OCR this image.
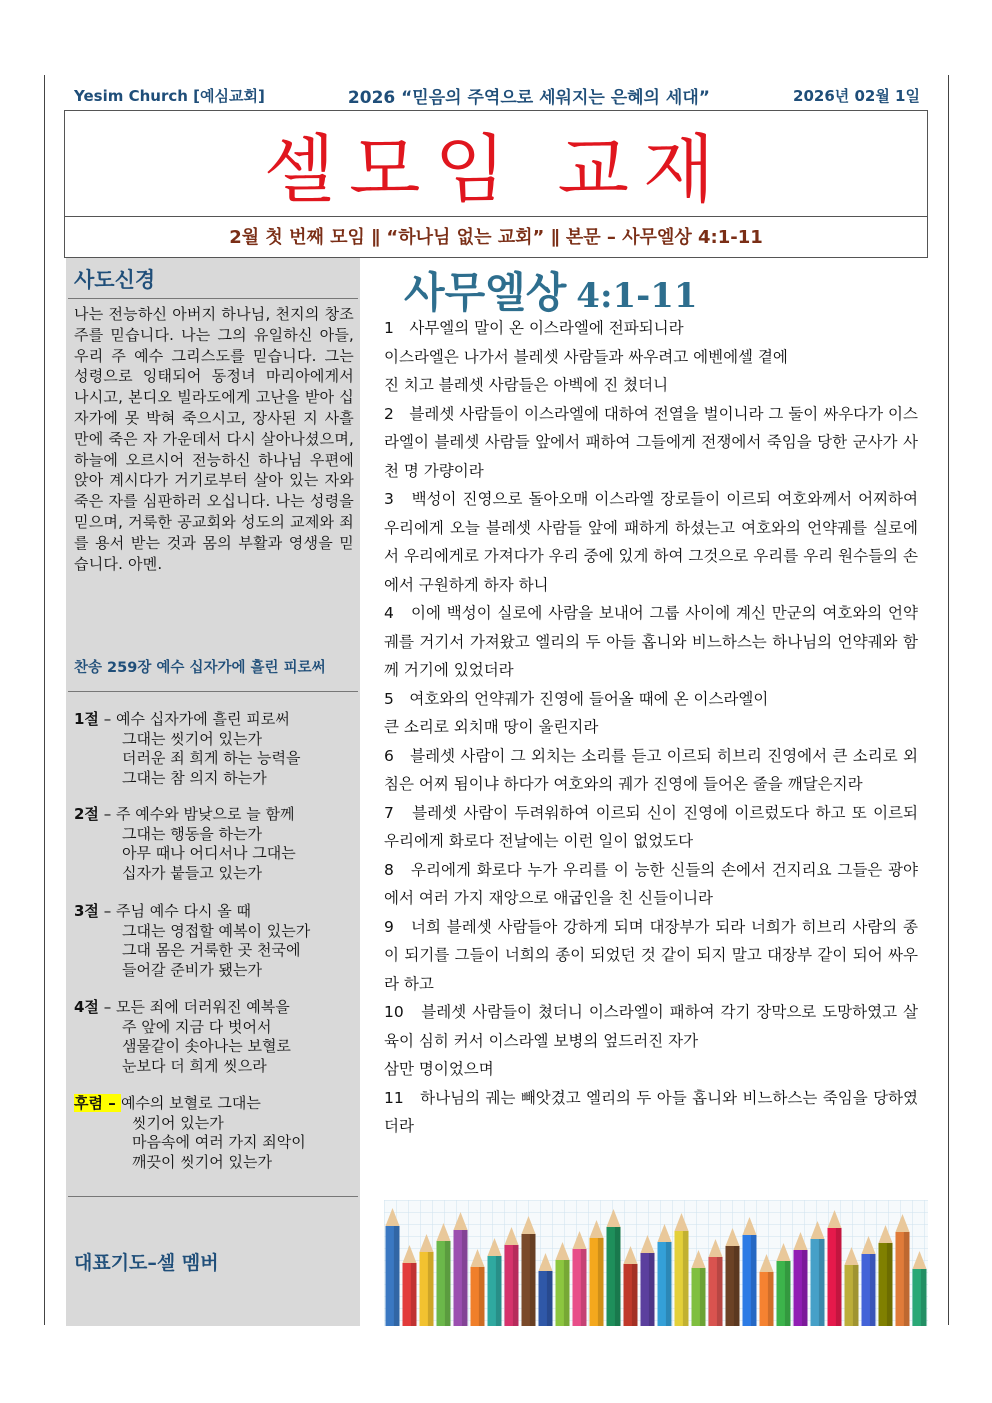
Yesim Church [예심교회]	2026 “믿음의 주역으로 세워지는 은혜의 세대”	2026년 02월 1일
셀모임 교재
2월 첫 번째 모임 ∥ “하나님 없는 교회” ∥ 본문 – 사무엘상 4:1-11
사도신경
나는 전능하신 아버지 하나님, 천지의 창조주를 믿습니다. 나는 그의 유일하신 아들, 우리 주 예수 그리스도를 믿습니다. 그는 성령으로 잉태되어 동정녀 마리아에게서 나시고, 본디오 빌라도에게 고난을 받아 십자가에 못 박혀 죽으시고, 장사된 지 사흘 만에 죽은 자 가운데서 다시 살아나셨으며, 하늘에 오르시어 전능하신 하나님 우편에 앉아 계시다가 거기로부터 살아 있는 자와 죽은 자를 심판하러 오십니다. 나는 성령을 믿으며, 거룩한 공교회와 성도의 교제와 죄를 용서 받는 것과 몸의 부활과 영생을 믿습니다. 아멘.
찬송 259장 예수 십자가에 흘린 피로써
1절 – 예수 십자가에 흘린 피로써
그대는 씻기어 있는가
더러운 죄 희게 하는 능력을
그대는 참 의지 하는가
2절 – 주 예수와 밤낮으로 늘 함께
그대는 행동을 하는가
아무 때나 어디서나 그대는
십자가 붙들고 있는가
3절 – 주님 예수 다시 올 때
그대는 영접할 예복이 있는가
그대 몸은 거룩한 곳 천국에
들어갈 준비가 됐는가
4절 – 모든 죄에 더러워진 예복을
주 앞에 지금 다 벗어서
샘물같이 솟아나는 보혈로
눈보다 더 희게 씻으라
후렴 – 예수의 보혈로 그대는
씻기어 있는가
마음속에 여러 가지 죄악이
깨끗이 씻기어 있는가
대표기도–셀 멤버
사무엘상 4:1-11

1　사무엘의 말이 온 이스라엘에 전파되니라

이스라엘은 나가서 블레셋 사람들과 싸우려고 에벤에셀 곁에

진 치고 블레셋 사람들은 아벡에 진 쳤더니

2　블레셋 사람들이 이스라엘에 대하여 전열을 벌이니라 그 둘이 싸우다가 이스라엘이 블레셋 사람들 앞에서 패하여 그들에게 전쟁에서 죽임을 당한 군사가 사천 명 가량이라

3　백성이 진영으로 돌아오매 이스라엘 장로들이 이르되 여호와께서 어찌하여 우리에게 오늘 블레셋 사람들 앞에 패하게 하셨는고 여호와의 언약궤를 실로에서 우리에게로 가져다가 우리 중에 있게 하여 그것으로 우리를 우리 원수들의 손에서 구원하게 하자 하니

4　이에 백성이 실로에 사람을 보내어 그룹 사이에 계신 만군의 여호와의 언약궤를 거기서 가져왔고 엘리의 두 아들 홉니와 비느하스는 하나님의 언약궤와 함께 거기에 있었더라

5　여호와의 언약궤가 진영에 들어올 때에 온 이스라엘이

큰 소리로 외치매 땅이 울린지라

6　블레셋 사람이 그 외치는 소리를 듣고 이르되 히브리 진영에서 큰 소리로 외침은 어찌 됨이냐 하다가 여호와의 궤가 진영에 들어온 줄을 깨달은지라

7　블레셋 사람이 두려워하여 이르되 신이 진영에 이르렀도다 하고 또 이르되 우리에게 화로다 전날에는 이런 일이 없었도다

8　우리에게 화로다 누가 우리를 이 능한 신들의 손에서 건지리요 그들은 광야에서 여러 가지 재앙으로 애굽인을 친 신들이니라

9　너희 블레셋 사람들아 강하게 되며 대장부가 되라 너희가 히브리 사람의 종이 되기를 그들이 너희의 종이 되었던 것 같이 되지 말고 대장부 같이 되어 싸우라 하고

10　블레셋 사람들이 쳤더니 이스라엘이 패하여 각기 장막으로 도망하였고 살육이 심히 커서 이스라엘 보병의 엎드러진 자가

삼만 명이었으며

11　하나님의 궤는 빼앗겼고 엘리의 두 아들 홉니와 비느하스는 죽임을 당하였더라
